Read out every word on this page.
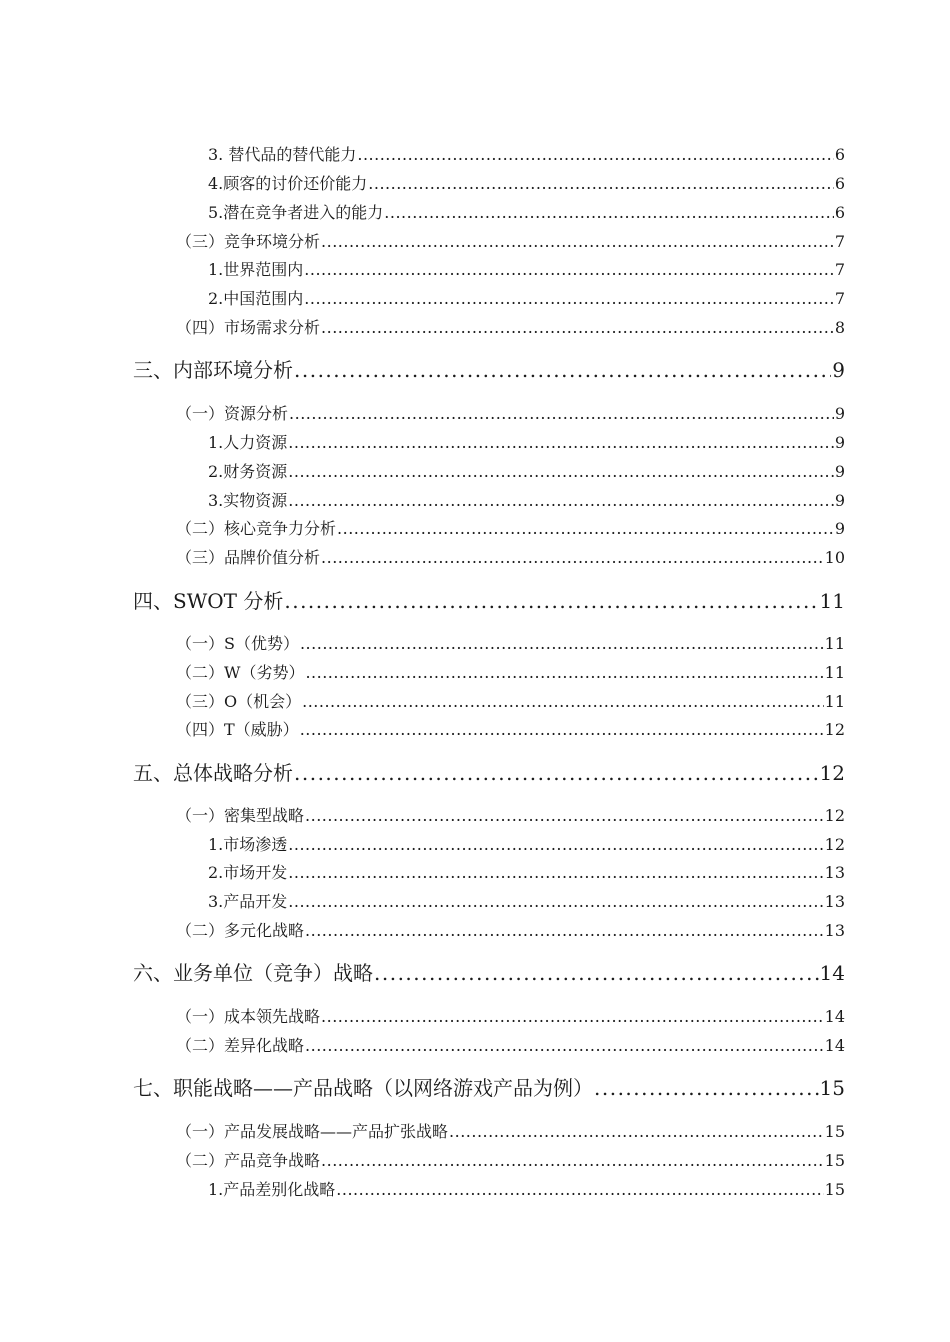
3. 替代品的替代能力 .....	6
4.顾客的讨价还价能力 .....	6
5.潜在竞争者进入的能力 .....	6
（三）竞争环境分析 .....	7
1.世界范围内 .....	7
2.中国范围内 .....	7
（四）市场需求分析 .....	8
三、内部环境分析 .....	9
（一）资源分析 .....	9
1.人力资源 .....	9
2.财务资源 .....	9
3.实物资源 .....	9
（二）核心竞争力分析 .....	9
（三）品牌价值分析 .....	10
四、SWOT 分析 .....	11
（一）S（优势） .....	11
（二）W（劣势） .....	11
（三）O（机会） .....	11
（四）T（威胁） .....	12
五、总体战略分析 .....	12
（一）密集型战略 .....	12
1.市场渗透 .....	12
2.市场开发 .....	13
3.产品开发 .....	13
（二）多元化战略 .....	13
六、业务单位（竞争）战略 .....	14
（一）成本领先战略 .....	14
（二）差异化战略 .....	14
七、职能战略——产品战略（以网络游戏产品为例） .....	15
（一）产品发展战略——产品扩张战略 .....	15
（二）产品竞争战略 .....	15
1.产品差别化战略 .....	15
